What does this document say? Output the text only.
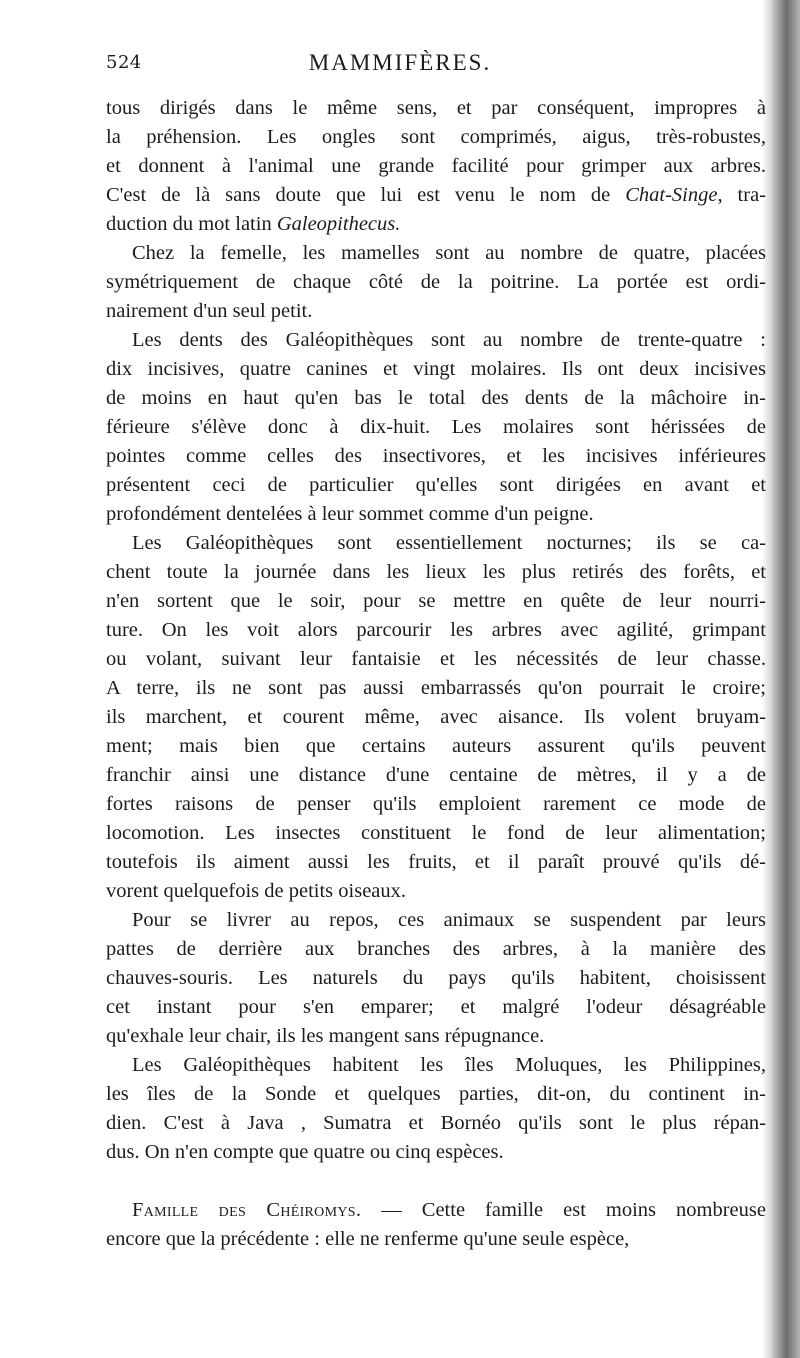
524	MAMMIFÈRES.
tous dirigés dans le même sens, et par conséquent, impropres à
la préhension. Les ongles sont comprimés, aigus, très-robustes,
et donnent à l'animal une grande facilité pour grimper aux arbres.
C'est de là sans doute que lui est venu le nom de Chat-Singe, tra-
duction du mot latin Galeopithecus.
Chez la femelle, les mamelles sont au nombre de quatre, placées
symétriquement de chaque côté de la poitrine. La portée est ordi-
nairement d'un seul petit.
Les dents des Galéopithèques sont au nombre de trente-quatre :
dix incisives, quatre canines et vingt molaires. Ils ont deux incisives
de moins en haut qu'en bas le total des dents de la mâchoire in-
férieure s'élève donc à dix-huit. Les molaires sont hérissées de
pointes comme celles des insectivores, et les incisives inférieures
présentent ceci de particulier qu'elles sont dirigées en avant et
profondément dentelées à leur sommet comme d'un peigne.
Les Galéopithèques sont essentiellement nocturnes; ils se ca-
chent toute la journée dans les lieux les plus retirés des forêts, et
n'en sortent que le soir, pour se mettre en quête de leur nourri-
ture. On les voit alors parcourir les arbres avec agilité, grimpant
ou volant, suivant leur fantaisie et les nécessités de leur chasse.
A terre, ils ne sont pas aussi embarrassés qu'on pourrait le croire;
ils marchent, et courent même, avec aisance. Ils volent bruyam-
ment; mais bien que certains auteurs assurent qu'ils peuvent
franchir ainsi une distance d'une centaine de mètres, il y a de
fortes raisons de penser qu'ils emploient rarement ce mode de
locomotion. Les insectes constituent le fond de leur alimentation;
toutefois ils aiment aussi les fruits, et il paraît prouvé qu'ils dé-
vorent quelquefois de petits oiseaux.
Pour se livrer au repos, ces animaux se suspendent par leurs
pattes de derrière aux branches des arbres, à la manière des
chauves-souris. Les naturels du pays qu'ils habitent, choisissent
cet instant pour s'en emparer; et malgré l'odeur désagréable
qu'exhale leur chair, ils les mangent sans répugnance.
Les Galéopithèques habitent les îles Moluques, les Philippines,
les îles de la Sonde et quelques parties, dit-on, du continent in-
dien. C'est à Java , Sumatra et Bornéo qu'ils sont le plus répan-
dus. On n'en compte que quatre ou cinq espèces.
Famille des Chéiromys. — Cette famille est moins nombreuse
encore que la précédente : elle ne renferme qu'une seule espèce,
